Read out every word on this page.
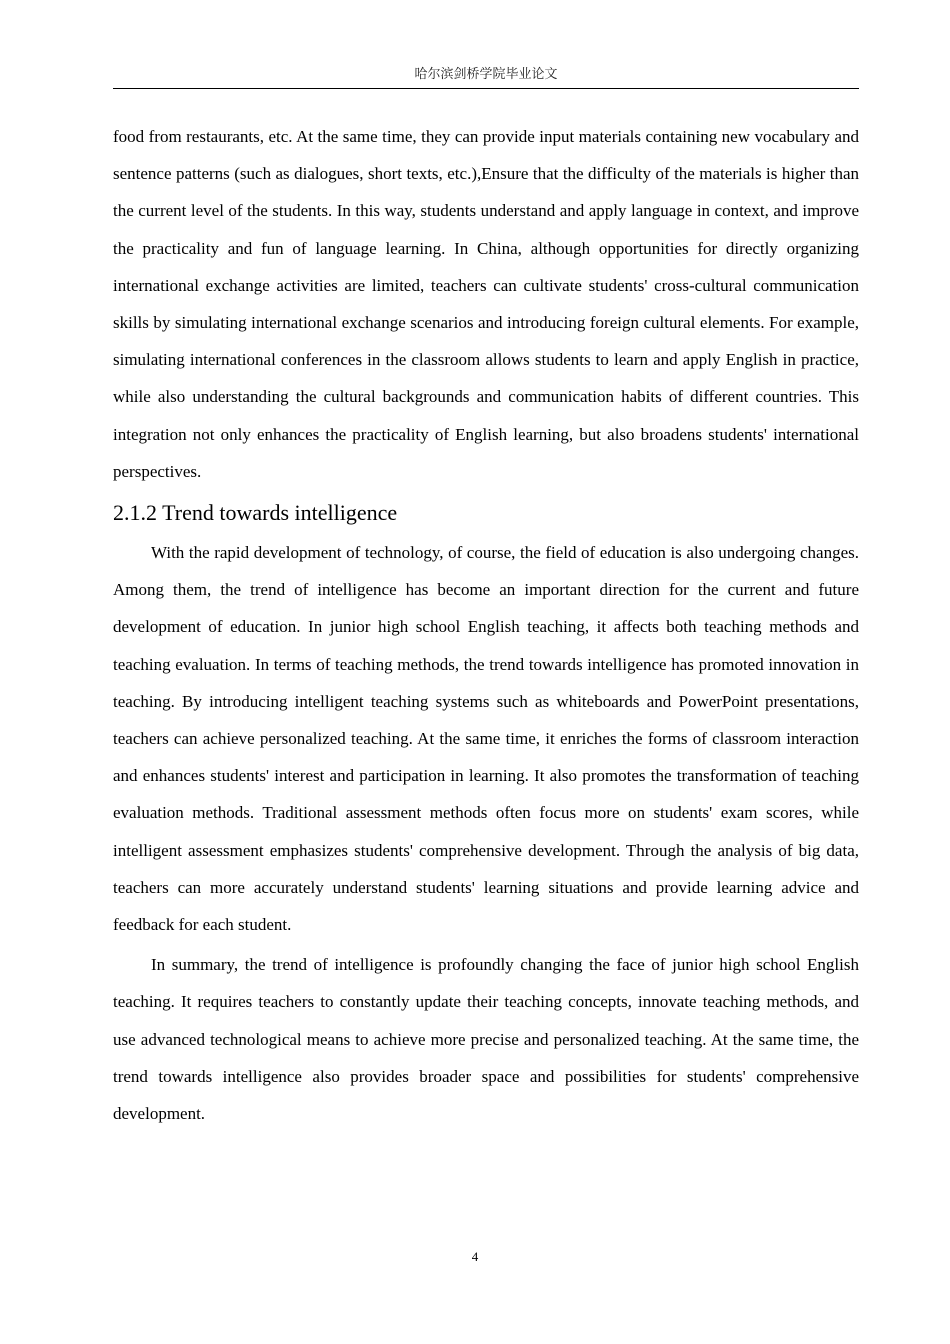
哈尔滨剑桥学院毕业论文

food from restaurants, etc. At the same time, they can provide input materials containing new vocabulary and sentence patterns (such as dialogues, short texts, etc.),Ensure that the difficulty of the materials is higher than the current level of the students. In this way, students understand and apply language in context, and improve the practicality and fun of language learning. In China, although opportunities for directly organizing international exchange activities are limited, teachers can cultivate students' cross-cultural communication skills by simulating international exchange scenarios and introducing foreign cultural elements. For example, simulating international conferences in the classroom allows students to learn and apply English in practice, while also understanding the cultural backgrounds and communication habits of different countries. This integration not only enhances the practicality of English learning, but also broadens students' international perspectives.

2.1.2 Trend towards intelligence

With the rapid development of technology, of course, the field of education is also undergoing changes. Among them, the trend of intelligence has become an important direction for the current and future development of education. In junior high school English teaching, it affects both teaching methods and teaching evaluation. In terms of teaching methods, the trend towards intelligence has promoted innovation in teaching. By introducing intelligent teaching systems such as whiteboards and PowerPoint presentations, teachers can achieve personalized teaching. At the same time, it enriches the forms of classroom interaction and enhances students' interest and participation in learning. It also promotes the transformation of teaching evaluation methods. Traditional assessment methods often focus more on students' exam scores, while intelligent assessment emphasizes students' comprehensive development. Through the analysis of big data, teachers can more accurately understand students' learning situations and provide learning advice and feedback for each student.

In summary, the trend of intelligence is profoundly changing the face of junior high school English teaching. It requires teachers to constantly update their teaching concepts, innovate teaching methods, and use advanced technological means to achieve more precise and personalized teaching. At the same time, the trend towards intelligence also provides broader space and possibilities for students' comprehensive development.

4
